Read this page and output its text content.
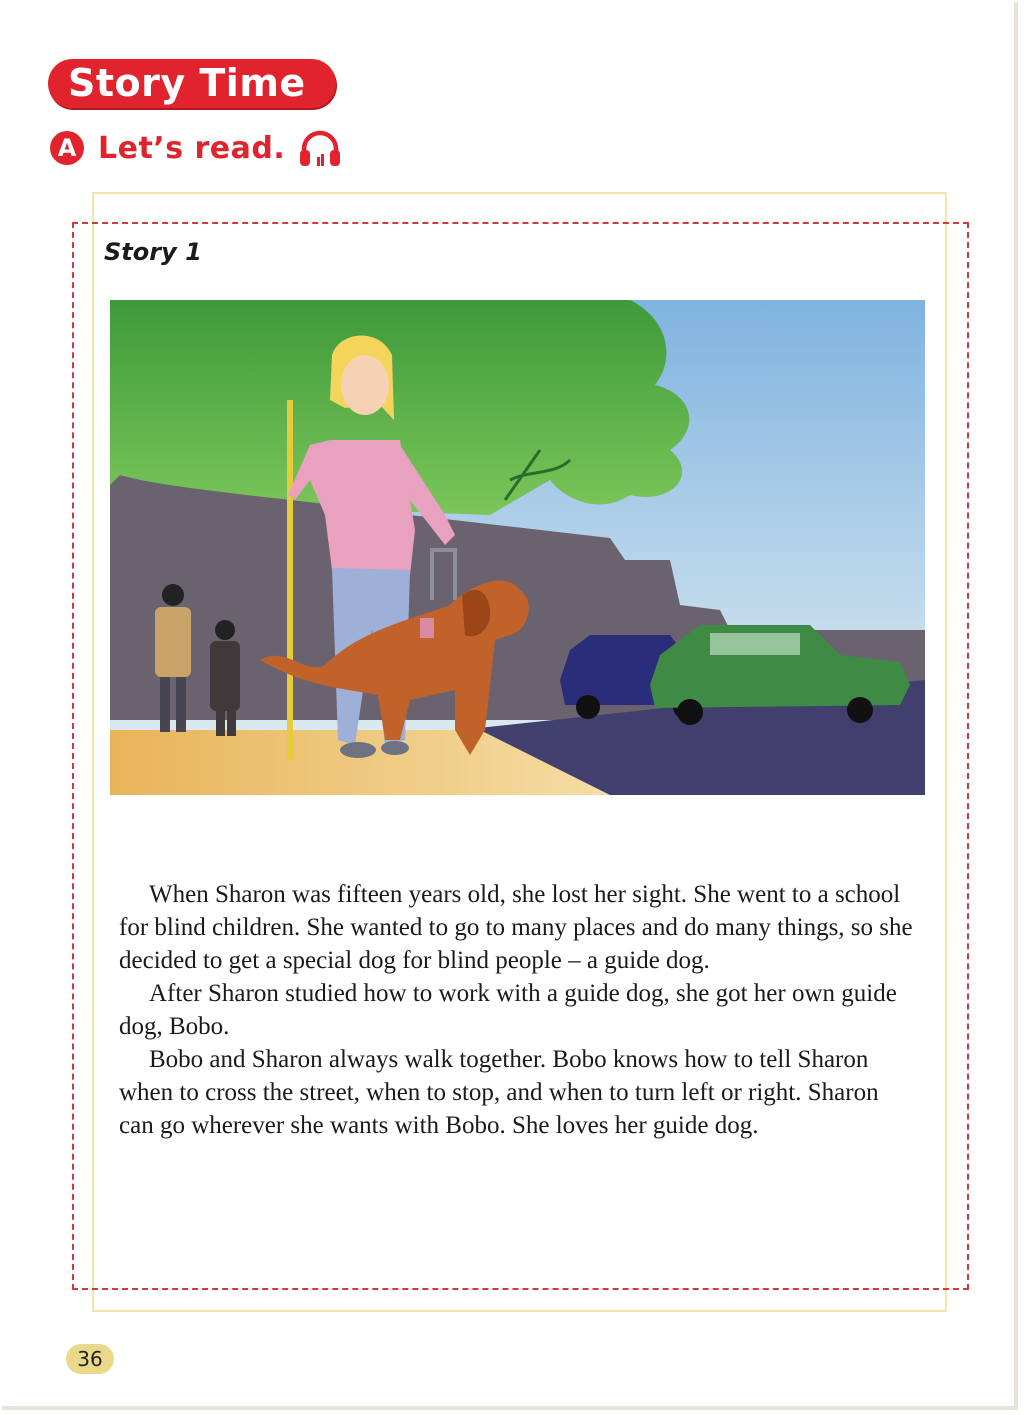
Story Time
A Let’s read.
Story 1

When Sharon was fifteen years old, she lost her sight. She went to a school for blind children. She wanted to go to many places and do many things, so she decided to get a special dog for blind people – a guide dog.

After Sharon studied how to work with a guide dog, she got her own guide dog, Bobo.

Bobo and Sharon always walk together. Bobo knows how to tell Sharon when to cross the street, when to stop, and when to turn left or right. Sharon can go wherever she wants with Bobo. She loves her guide dog.

36
